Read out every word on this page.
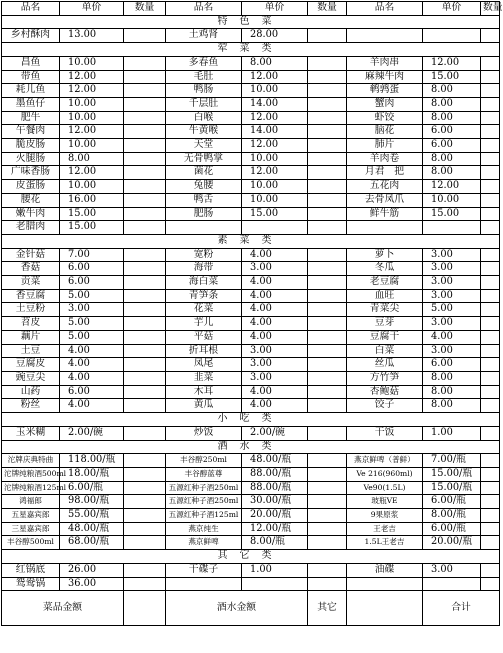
品名	单价	数量	品名	单价	数量	品名	单价	数量
特色菜								
乡村酥肉	13.00		土鸡肾	28.00				
荤菜类								
昌鱼	10.00		多春鱼	8.00		羊肉串	12.00	
带鱼	12.00		毛肚	12.00		麻辣牛肉	15.00	
耗儿鱼	12.00		鸭肠	10.00		鹌鹑蛋	8.00	
墨鱼仔	10.00		千层肚	14.00		蟹肉	8.00	
肥牛	10.00		白喉	12.00		虾饺	8.00	
午餐肉	12.00		牛黄喉	14.00		脑花	6.00	
脆皮肠	10.00		天堂	12.00		肺片	6.00	
火腿肠	8.00		无骨鸭掌	10.00		羊肉卷	8.00	
广味香肠	12.00		菌花	12.00		月君　把	8.00	
皮蛋肠	10.00		兔腰	10.00		五花肉	12.00	
腰花	16.00		鸭舌	10.00		去骨凤爪	10.00	
嫩牛肉	15.00		肥肠	15.00		鲜牛筋	15.00	
老腊肉	15.00							
素菜类								
金针菇	7.00		宽粉	4.00		萝卜	3.00	
香菇	6.00		海带	3.00		冬瓜	3.00	
贡菜	6.00		海白菜	4.00		老豆腐	3.00	
香豆腐	5.00		青笋条	4.00		血旺	3.00	
土豆粉	3.00		花菜	4.00		青菜尖	5.00	
苕皮	5.00		芋儿	4.00		豆芽	3.00	
藕片	5.00		平菇	4.00		豆腐干	4.00	
土豆	4.00		折耳根	3.00		白菜	3.00	
豆腐皮	4.00		凤尾	3.00		丝瓜	6.00	
豌豆尖	4.00		韭菜	3.00		方竹笋	8.00	
山药	6.00		木耳	4.00		杏鲍菇	8.00	
粉丝	4.00		黄瓜	4.00		饺子	8.00	
小吃类								
玉米糊	2.00/碗		炒饭	2.00/碗		干饭	1.00	
酒水类								
沱牌庆典特曲	118.00/瓶		丰谷醇250ml	48.00/瓶		燕京鲜啤（普鲜）	7.00/瓶	
沱牌纯粮酒500ml	18.00/瓶		丰谷醇蓝尊	88.00/瓶		Ve 216(960ml)	15.00/瓶	
沱牌纯粮酒125ml	6.00/瓶		五源红种子酒250ml	88.00/瓶		Ve90(1.5L)	15.00/瓶	
鸿福郎	98.00/瓶		五源红种子酒250ml	30.00/瓶		玻瓶VE	6.00/瓶	
五星嘉宾郎	55.00/瓶		五源红种子酒125ml	20.00/瓶		9果原浆	8.00/瓶	
三星嘉宾郎	48.00/瓶		燕京纯生	12.00/瓶		王老吉	6.00/瓶	
丰谷醇500ml	68.00/瓶		燕京鲜啤	8.00/瓶		1.5L王老吉	20.00/瓶	
其它类								
红锅底	26.00		干碟子	1.00		油碟	3.00	
鸳鸯锅	36.00							
菜品金额			酒水金额		其它		合计	
